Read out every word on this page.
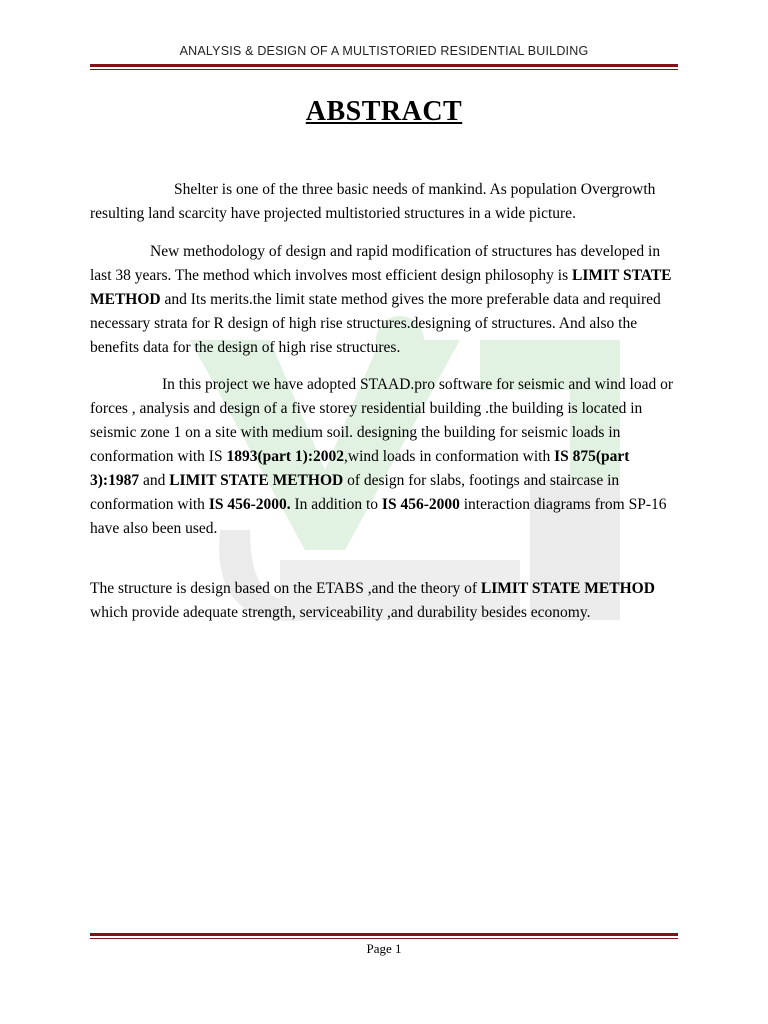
ANALYSIS & DESIGN OF A MULTISTORIED RESIDENTIAL BUILDING
ABSTRACT

Shelter is one of the three basic needs of mankind. As population Overgrowth resulting land scarcity have projected multistoried structures in a wide picture.

New methodology of design and rapid modification of structures has developed in last 38 years. The method which involves most efficient design philosophy is LIMIT STATE METHOD and Its merits.the limit state method gives the more preferable data and required necessary strata for R design of high rise structures.designing of structures. And also the benefits data for the design of high rise structures.

In this project we have adopted STAAD.pro software for seismic and wind load or forces , analysis and design of a five storey residential building .the building is located in seismic zone 1 on a site with medium soil. designing the building for seismic loads in conformation with IS 1893(part 1):2002,wind loads in conformation with IS 875(part 3):1987 and LIMIT STATE METHOD of design for slabs, footings and staircase in conformation with IS 456-2000. In addition to IS 456-2000 interaction diagrams from SP-16 have also been used.

The structure is design based on the ETABS ,and the theory of LIMIT STATE METHOD which provide adequate strength, serviceability ,and durability besides economy.

Page 1
